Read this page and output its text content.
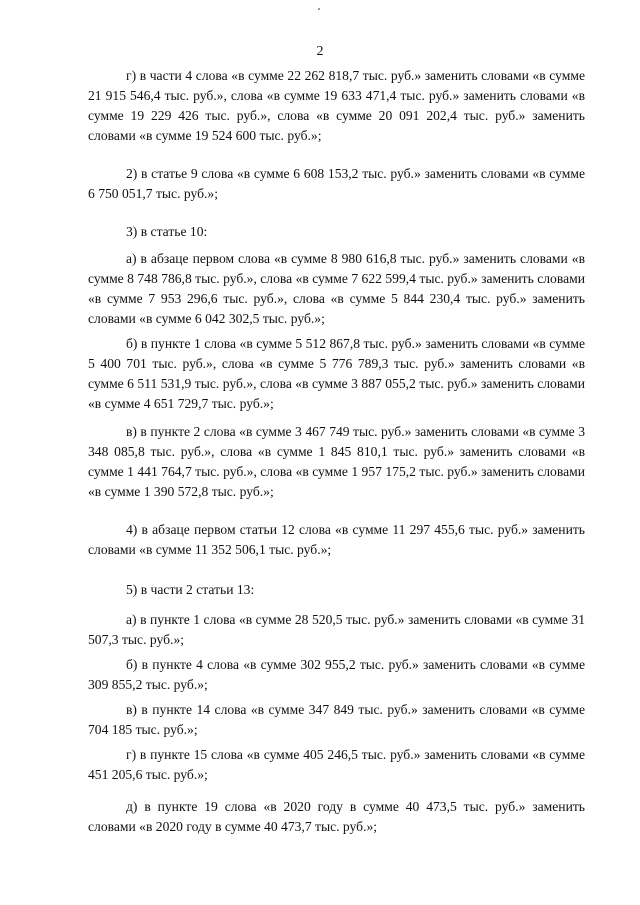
2

г) в части 4 слова «в сумме 22 262 818,7 тыс. руб.» заменить словами «в сумме 21 915 546,4 тыс. руб.», слова «в сумме 19 633 471,4 тыс. руб.» заменить словами «в сумме 19 229 426 тыс. руб.», слова «в сумме 20 091 202,4 тыс. руб.» заменить словами «в сумме 19 524 600 тыс. руб.»;

2) в статье 9 слова «в сумме 6 608 153,2 тыс. руб.» заменить словами «в сумме 6 750 051,7 тыс. руб.»;

3) в статье 10:

а) в абзаце первом слова «в сумме 8 980 616,8 тыс. руб.» заменить словами «в сумме 8 748 786,8 тыс. руб.», слова «в сумме 7 622 599,4 тыс. руб.» заменить словами «в сумме 7 953 296,6 тыс. руб.», слова «в сумме 5 844 230,4 тыс. руб.» заменить словами «в сумме 6 042 302,5 тыс. руб.»;

б) в пункте 1 слова «в сумме 5 512 867,8 тыс. руб.» заменить словами «в сумме 5 400 701 тыс. руб.», слова «в сумме 5 776 789,3 тыс. руб.» заменить словами «в сумме 6 511 531,9 тыс. руб.», слова «в сумме 3 887 055,2 тыс. руб.» заменить словами «в сумме 4 651 729,7 тыс. руб.»;

в) в пункте 2 слова «в сумме 3 467 749 тыс. руб.» заменить словами «в сумме 3 348 085,8 тыс. руб.», слова «в сумме 1 845 810,1 тыс. руб.» заменить словами «в сумме 1 441 764,7 тыс. руб.», слова «в сумме 1 957 175,2 тыс. руб.» заменить словами «в сумме 1 390 572,8 тыс. руб.»;

4) в абзаце первом статьи 12 слова «в сумме 11 297 455,6 тыс. руб.» заменить словами «в сумме 11 352 506,1 тыс. руб.»;

5) в части 2 статьи 13:

а) в пункте 1 слова «в сумме 28 520,5 тыс. руб.» заменить словами «в сумме 31 507,3 тыс. руб.»;

б) в пункте 4 слова «в сумме 302 955,2 тыс. руб.» заменить словами «в сумме 309 855,2 тыс. руб.»;

в) в пункте 14 слова «в сумме 347 849 тыс. руб.» заменить словами «в сумме 704 185 тыс. руб.»;

г) в пункте 15 слова «в сумме 405 246,5 тыс. руб.» заменить словами «в сумме 451 205,6 тыс. руб.»;

д) в пункте 19 слова «в 2020 году в сумме 40 473,5 тыс. руб.» заменить словами «в 2020 году в сумме 40 473,7 тыс. руб.»;
